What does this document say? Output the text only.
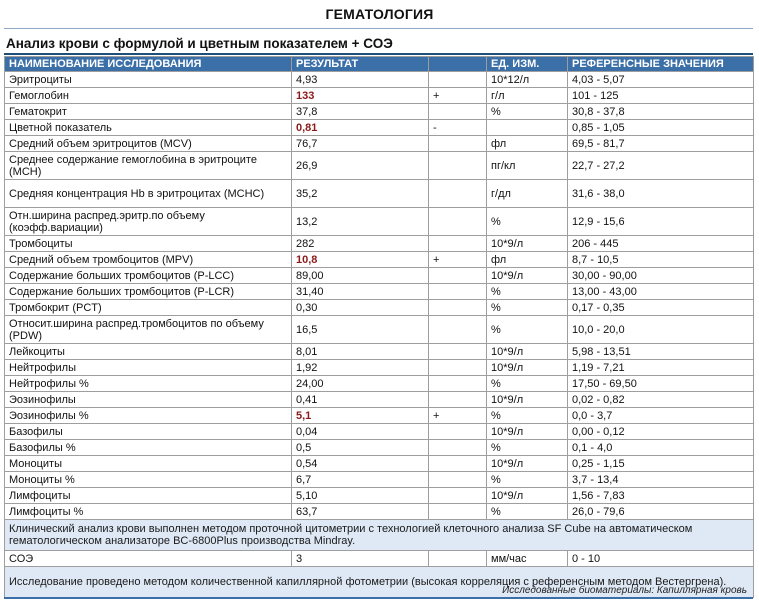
ГЕМАТОЛОГИЯ
Анализ крови с формулой и цветным показателем + СОЭ
НАИМЕНОВАНИЕ ИССЛЕДОВАНИЯ	РЕЗУЛЬТАТ		ЕД. ИЗМ.	РЕФЕРЕНСНЫЕ ЗНАЧЕНИЯ
Эритроциты	4,93		10*12/л	4,03 - 5,07
Гемоглобин	133	+	г/л	101 - 125
Гематокрит	37,8		%	30,8 - 37,8
Цветной показатель	0,81	-		0,85 - 1,05
Средний объем эритроцитов (MCV)	76,7		фл	69,5 - 81,7
Среднее содержание гемоглобина в эритроците (MCH)	26,9		пг/кл	22,7 - 27,2
Средняя концентрация Hb в эритроцитах (MCHC)	35,2		г/дл	31,6 - 38,0
Отн.ширина распред.эритр.по объему (коэфф.вариации)	13,2		%	12,9 - 15,6
Тромбоциты	282		10*9/л	206 - 445
Средний объем тромбоцитов (MPV)	10,8	+	фл	8,7 - 10,5
Содержание больших тромбоцитов (P-LCC)	89,00		10*9/л	30,00 - 90,00
Содержание больших тромбоцитов (P-LCR)	31,40		%	13,00 - 43,00
Тромбокрит (PCT)	0,30		%	0,17 - 0,35
Относит.ширина распред.тромбоцитов по объему (PDW)	16,5		%	10,0 - 20,0
Лейкоциты	8,01		10*9/л	5,98 - 13,51
Нейтрофилы	1,92		10*9/л	1,19 - 7,21
Нейтрофилы %	24,00		%	17,50 - 69,50
Эозинофилы	0,41		10*9/л	0,02 - 0,82
Эозинофилы %	5,1	+	%	0,0 - 3,7
Базофилы	0,04		10*9/л	0,00 - 0,12
Базофилы %	0,5		%	0,1 - 4,0
Моноциты	0,54		10*9/л	0,25 - 1,15
Моноциты %	6,7		%	3,7 - 13,4
Лимфоциты	5,10		10*9/л	1,56 - 7,83
Лимфоциты %	63,7		%	26,0 - 79,6
Клинический анализ крови выполнен методом проточной цитометрии с технологией клеточного анализа SF Cube на автоматическом гематологическом анализаторе BC-6800Plus производства Mindray.				
СОЭ	3		мм/час	0 - 10
Исследование проведено методом количественной капиллярной фотометрии (высокая корреляция с референсным методом Вестергрена).				
Исследованные биоматериалы: Капиллярная кровь
